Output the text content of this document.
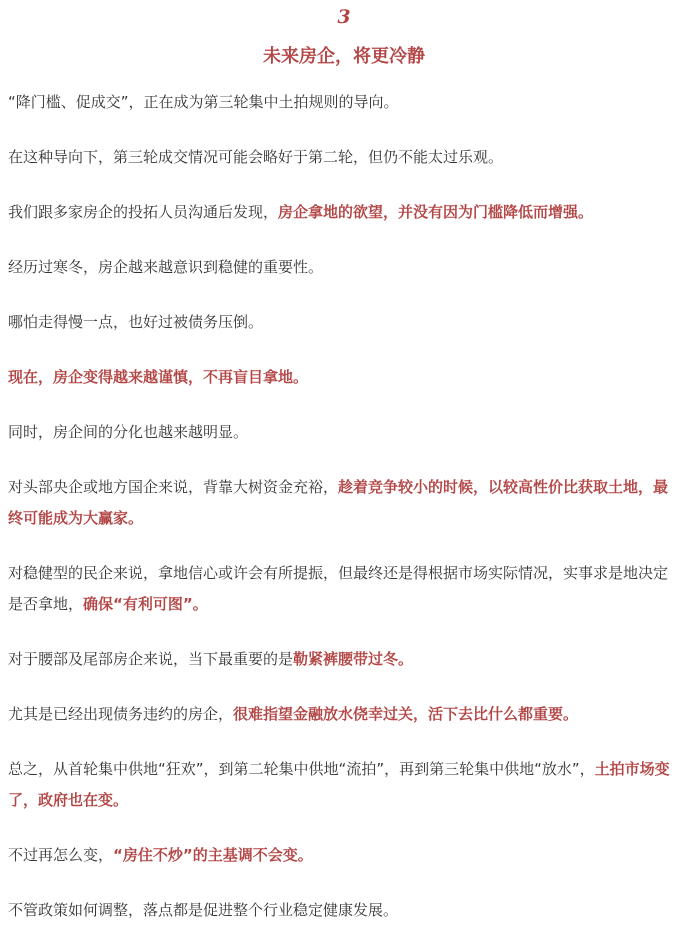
3
未来房企，将更冷静

“降门槛、促成交”，正在成为第三轮集中土拍规则的导向。

在这种导向下，第三轮成交情况可能会略好于第二轮，但仍不能太过乐观。

我们跟多家房企的投拓人员沟通后发现，房企拿地的欲望，并没有因为门槛降低而增强。

经历过寒冬，房企越来越意识到稳健的重要性。

哪怕走得慢一点，也好过被债务压倒。

现在，房企变得越来越谨慎，不再盲目拿地。

同时，房企间的分化也越来越明显。

对头部央企或地方国企来说，背靠大树资金充裕，趁着竞争较小的时候，以较高性价比获取土地，最终可能成为大赢家。

对稳健型的民企来说，拿地信心或许会有所提振，但最终还是得根据市场实际情况，实事求是地决定是否拿地，确保“有利可图”。

对于腰部及尾部房企来说，当下最重要的是勒紧裤腰带过冬。

尤其是已经出现债务违约的房企，很难指望金融放水侥幸过关，活下去比什么都重要。

总之，从首轮集中供地“狂欢”，到第二轮集中供地“流拍”，再到第三轮集中供地“放水”，土拍市场变了，政府也在变。

不过再怎么变，“房住不炒”的主基调不会变。

不管政策如何调整，落点都是促进整个行业稳定健康发展。
